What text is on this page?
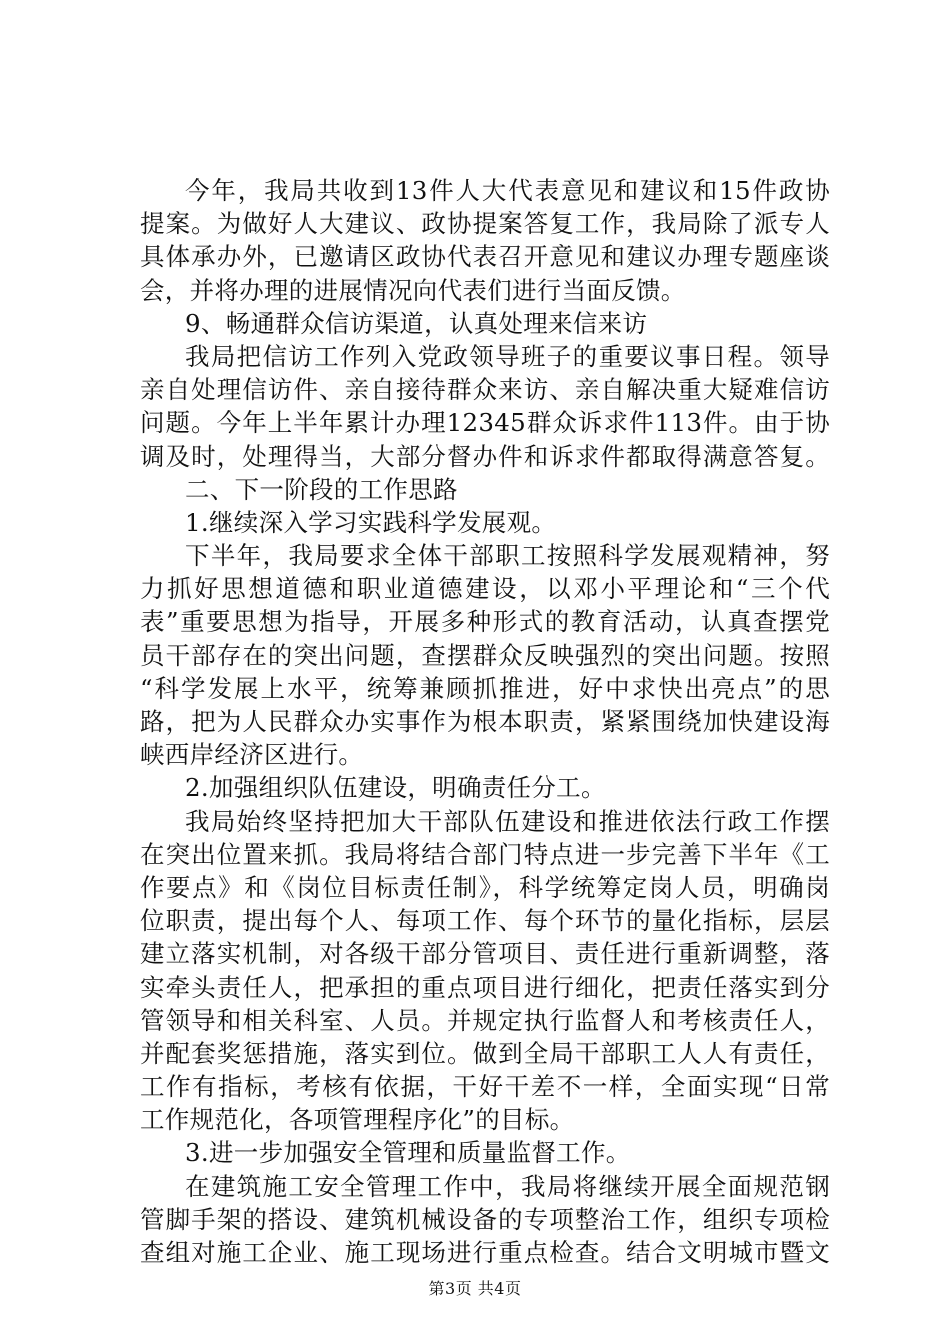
今年，我局共收到13件人大代表意见和建议和15件政协
提案。为做好人大建议、政协提案答复工作，我局除了派专人
具体承办外，已邀请区政协代表召开意见和建议办理专题座谈
会，并将办理的进展情况向代表们进行当面反馈。
9、畅通群众信访渠道，认真处理来信来访
我局把信访工作列入党政领导班子的重要议事日程。领导
亲自处理信访件、亲自接待群众来访、亲自解决重大疑难信访
问题。今年上半年累计办理12345群众诉求件113件。由于协
调及时，处理得当，大部分督办件和诉求件都取得满意答复。
二、下一阶段的工作思路
1.继续深入学习实践科学发展观。
下半年，我局要求全体干部职工按照科学发展观精神，努
力抓好思想道德和职业道德建设，以邓小平理论和“三个代
表”重要思想为指导，开展多种形式的教育活动，认真查摆党
员干部存在的突出问题，查摆群众反映强烈的突出问题。按照
“科学发展上水平，统筹兼顾抓推进，好中求快出亮点”的思
路，把为人民群众办实事作为根本职责，紧紧围绕加快建设海
峡西岸经济区进行。
2.加强组织队伍建设，明确责任分工。
我局始终坚持把加大干部队伍建设和推进依法行政工作摆
在突出位置来抓。我局将结合部门特点进一步完善下半年《工
作要点》和《岗位目标责任制》，科学统筹定岗人员，明确岗
位职责，提出每个人、每项工作、每个环节的量化指标，层层
建立落实机制，对各级干部分管项目、责任进行重新调整，落
实牵头责任人，把承担的重点项目进行细化，把责任落实到分
管领导和相关科室、人员。并规定执行监督人和考核责任人，
并配套奖惩措施，落实到位。做到全局干部职工人人有责任，
工作有指标，考核有依据，干好干差不一样，全面实现“日常
工作规范化，各项管理程序化”的目标。
3.进一步加强安全管理和质量监督工作。
在建筑施工安全管理工作中，我局将继续开展全面规范钢
管脚手架的搭设、建筑机械设备的专项整治工作，组织专项检
查组对施工企业、施工现场进行重点检查。结合文明城市暨文
第3页 共4页
